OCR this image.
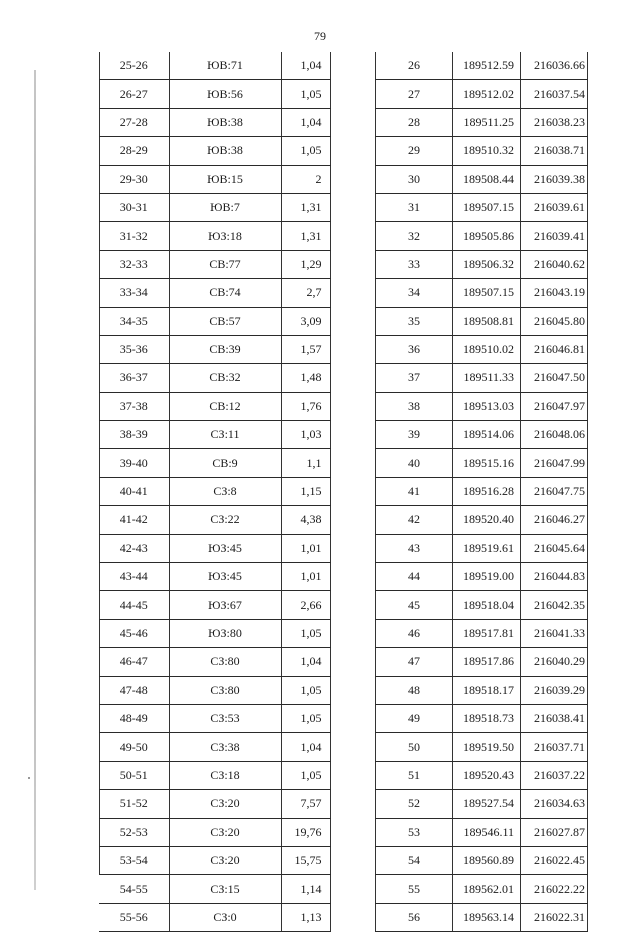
79
25-26	ЮВ:71	1,04
26-27	ЮВ:56	1,05
27-28	ЮВ:38	1,04
28-29	ЮВ:38	1,05
29-30	ЮВ:15	2
30-31	ЮВ:7	1,31
31-32	ЮЗ:18	1,31
32-33	СВ:77	1,29
33-34	СВ:74	2,7
34-35	СВ:57	3,09
35-36	СВ:39	1,57
36-37	СВ:32	1,48
37-38	СВ:12	1,76
38-39	СЗ:11	1,03
39-40	СВ:9	1,1
40-41	СЗ:8	1,15
41-42	СЗ:22	4,38
42-43	ЮЗ:45	1,01
43-44	ЮЗ:45	1,01
44-45	ЮЗ:67	2,66
45-46	ЮЗ:80	1,05
46-47	СЗ:80	1,04
47-48	СЗ:80	1,05
48-49	СЗ:53	1,05
49-50	СЗ:38	1,04
50-51	СЗ:18	1,05
51-52	СЗ:20	7,57
52-53	СЗ:20	19,76
53-54	СЗ:20	15,75
54-55	СЗ:15	1,14
55-56	СЗ:0	1,13
26	189512.59	216036.66
27	189512.02	216037.54
28	189511.25	216038.23
29	189510.32	216038.71
30	189508.44	216039.38
31	189507.15	216039.61
32	189505.86	216039.41
33	189506.32	216040.62
34	189507.15	216043.19
35	189508.81	216045.80
36	189510.02	216046.81
37	189511.33	216047.50
38	189513.03	216047.97
39	189514.06	216048.06
40	189515.16	216047.99
41	189516.28	216047.75
42	189520.40	216046.27
43	189519.61	216045.64
44	189519.00	216044.83
45	189518.04	216042.35
46	189517.81	216041.33
47	189517.86	216040.29
48	189518.17	216039.29
49	189518.73	216038.41
50	189519.50	216037.71
51	189520.43	216037.22
52	189527.54	216034.63
53	189546.11	216027.87
54	189560.89	216022.45
55	189562.01	216022.22
56	189563.14	216022.31
